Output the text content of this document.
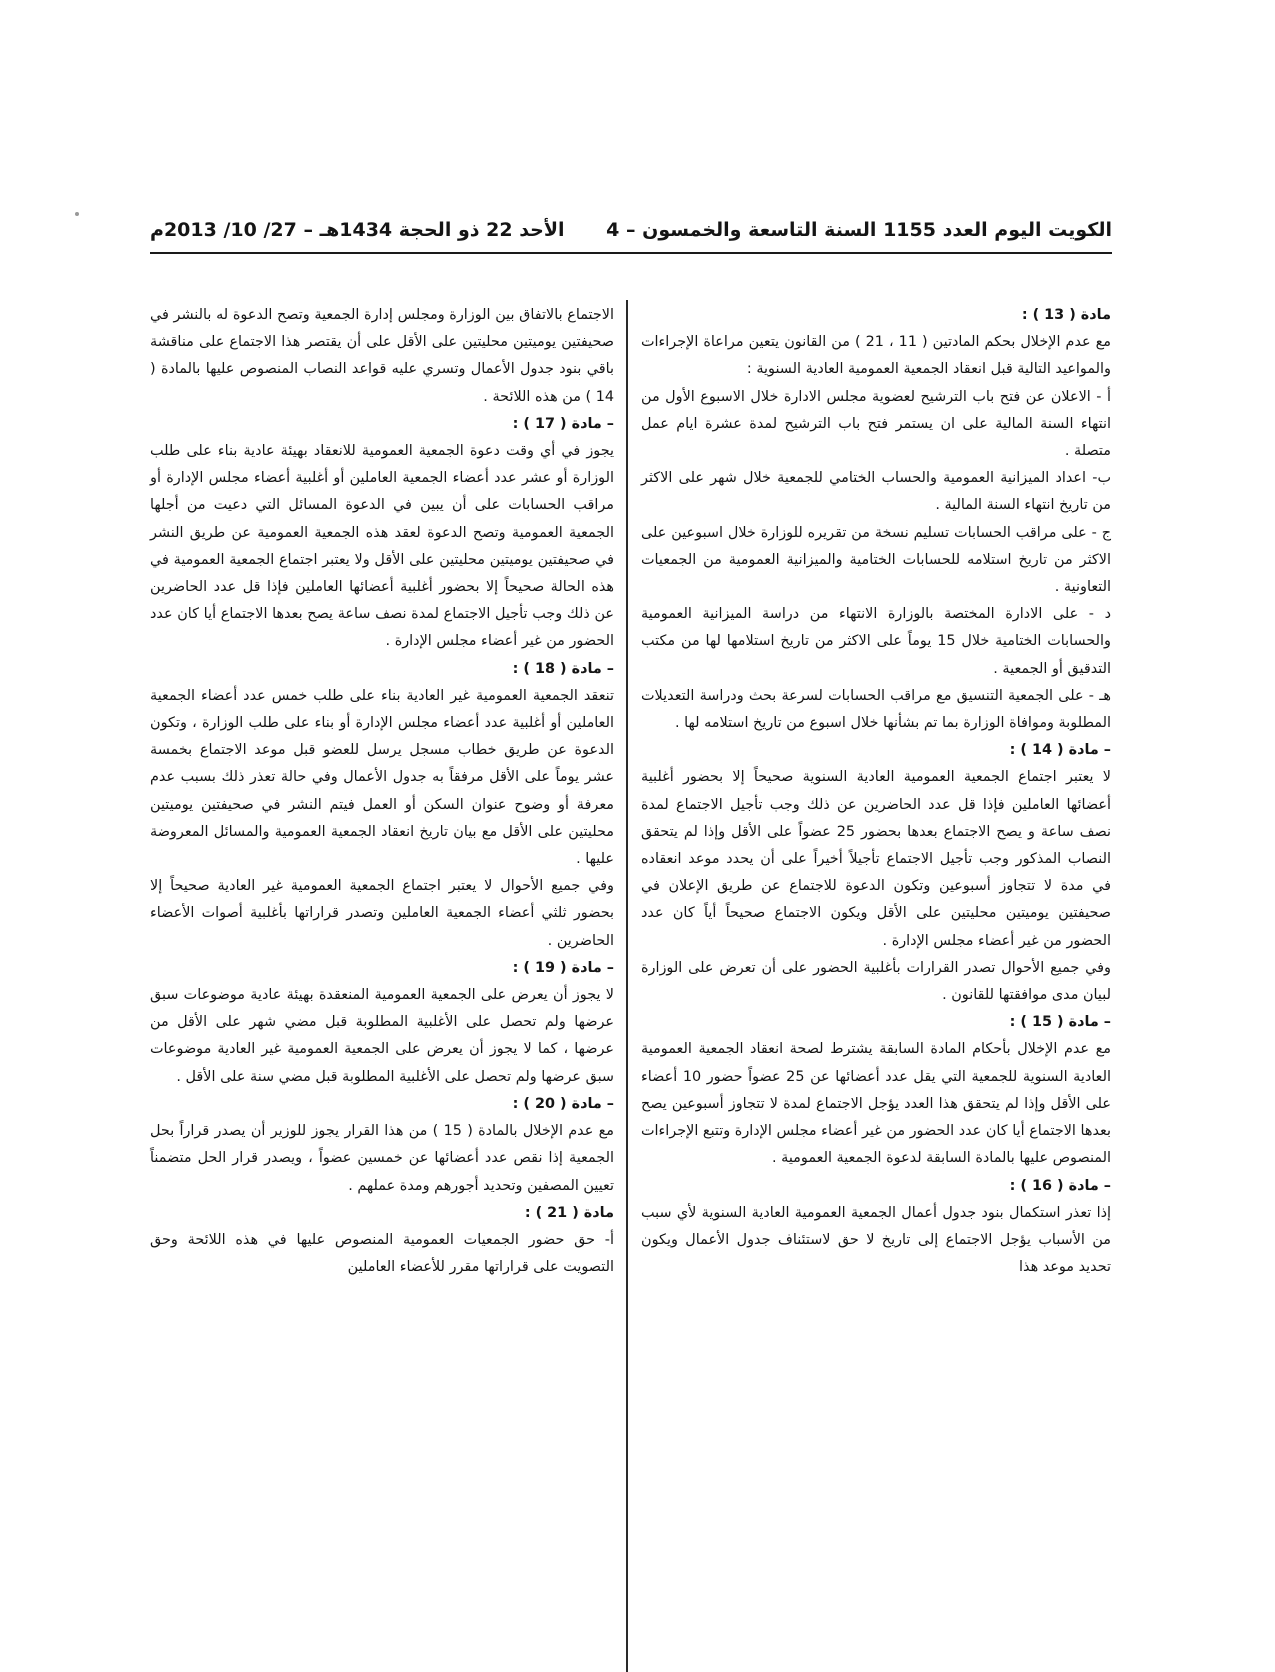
الكويت اليوم العدد 1155 السنة التاسعة والخمسون – 4
الأحد 22 ذو الحجة 1434هـ – 27/ 10/ 2013م

مادة ( 13 ) :

مع عدم الإخلال بحكم المادتين ( 11 ، 21 ) من القانون يتعين مراعاة الإجراءات والمواعيد التالية قبل انعقاد الجمعية العمومية العادية السنوية :

أ - الاعلان عن فتح باب الترشيح لعضوية مجلس الادارة خلال الاسبوع الأول من انتهاء السنة المالية على ان يستمر فتح باب الترشيح لمدة عشرة ايام عمل متصلة .

ب- اعداد الميزانية العمومية والحساب الختامي للجمعية خلال شهر على الاكثر من تاريخ انتهاء السنة المالية .

ج - على مراقب الحسابات تسليم نسخة من تقريره للوزارة خلال اسبوعين على الاكثر من تاريخ استلامه للحسابات الختامية والميزانية العمومية من الجمعيات التعاونية .

د - على الادارة المختصة بالوزارة الانتهاء من دراسة الميزانية العمومية والحسابات الختامية خلال 15 يوماً على الاكثر من تاريخ استلامها لها من مكتب التدقيق أو الجمعية .

هـ - على الجمعية التنسيق مع مراقب الحسابات لسرعة بحث ودراسة التعديلات المطلوبة وموافاة الوزارة بما تم بشأنها خلال اسبوع من تاريخ استلامه لها .

– مادة ( 14 ) :

لا يعتبر اجتماع الجمعية العمومية العادية السنوية صحيحاً إلا بحضور أغلبية أعضائها العاملين فإذا قل عدد الحاضرين عن ذلك وجب تأجيل الاجتماع لمدة نصف ساعة و يصح الاجتماع بعدها بحضور 25 عضواً على الأقل وإذا لم يتحقق النصاب المذكور وجب تأجيل الاجتماع تأجيلاً أخيراً على أن يحدد موعد انعقاده في مدة لا تتجاوز أسبوعين وتكون الدعوة للاجتماع عن طريق الإعلان في صحيفتين يوميتين محليتين على الأقل ويكون الاجتماع صحيحاً أياً كان عدد الحضور من غير أعضاء مجلس الإدارة .

وفي جميع الأحوال تصدر القرارات بأغلبية الحضور على أن تعرض على الوزارة لبيان مدى موافقتها للقانون .

– مادة ( 15 ) :

مع عدم الإخلال بأحكام المادة السابقة يشترط لصحة انعقاد الجمعية العمومية العادية السنوية للجمعية التي يقل عدد أعضائها عن 25 عضواً حضور 10 أعضاء على الأقل وإذا لم يتحقق هذا العدد يؤجل الاجتماع لمدة لا تتجاوز أسبوعين يصح بعدها الاجتماع أيا كان عدد الحضور من غير أعضاء مجلس الإدارة وتتبع الإجراءات المنصوص عليها بالمادة السابقة لدعوة الجمعية العمومية .

– مادة ( 16 ) :

إذا تعذر استكمال بنود جدول أعمال الجمعية العمومية العادية السنوية لأي سبب من الأسباب يؤجل الاجتماع إلى تاريخ لا حق لاستئناف جدول الأعمال ويكون تحديد موعد هذا

الاجتماع بالاتفاق بين الوزارة ومجلس إدارة الجمعية وتصح الدعوة له بالنشر في صحيفتين يوميتين محليتين على الأقل على أن يقتصر هذا الاجتماع على مناقشة باقي بنود جدول الأعمال وتسري عليه قواعد النصاب المنصوص عليها بالمادة ( 14 ) من هذه اللائحة .

– مادة ( 17 ) :

يجوز في أي وقت دعوة الجمعية العمومية للانعقاد بهيئة عادية بناء على طلب الوزارة أو عشر عدد أعضاء الجمعية العاملين أو أغلبية أعضاء مجلس الإدارة أو مراقب الحسابات على أن يبين في الدعوة المسائل التي دعيت من أجلها الجمعية العمومية وتصح الدعوة لعقد هذه الجمعية العمومية عن طريق النشر في صحيفتين يوميتين محليتين على الأقل ولا يعتبر اجتماع الجمعية العمومية في هذه الحالة صحيحاً إلا بحضور أغلبية أعضائها العاملين فإذا قل عدد الحاضرين عن ذلك وجب تأجيل الاجتماع لمدة نصف ساعة يصح بعدها الاجتماع أيا كان عدد الحضور من غير أعضاء مجلس الإدارة .

– مادة ( 18 ) :

تنعقد الجمعية العمومية غير العادية بناء على طلب خمس عدد أعضاء الجمعية العاملين أو أغلبية عدد أعضاء مجلس الإدارة أو بناء على طلب الوزارة ، وتكون الدعوة عن طريق خطاب مسجل يرسل للعضو قبل موعد الاجتماع بخمسة عشر يوماً على الأقل مرفقاً به جدول الأعمال وفي حالة تعذر ذلك بسبب عدم معرفة أو وضوح عنوان السكن أو العمل فيتم النشر في صحيفتين يوميتين محليتين على الأقل مع بيان تاريخ انعقاد الجمعية العمومية والمسائل المعروضة عليها .

وفي جميع الأحوال لا يعتبر اجتماع الجمعية العمومية غير العادية صحيحاً إلا بحضور ثلثي أعضاء الجمعية العاملين وتصدر قراراتها بأغلبية أصوات الأعضاء الحاضرين .

– مادة ( 19 ) :

لا يجوز أن يعرض على الجمعية العمومية المنعقدة بهيئة عادية موضوعات سبق عرضها ولم تحصل على الأغلبية المطلوبة قبل مضي شهر على الأقل من عرضها ، كما لا يجوز أن يعرض على الجمعية العمومية غير العادية موضوعات سبق عرضها ولم تحصل على الأغلبية المطلوبة قبل مضي سنة على الأقل .

– مادة ( 20 ) :

مع عدم الإخلال بالمادة ( 15 ) من هذا القرار يجوز للوزير أن يصدر قراراً بحل الجمعية إذا نقص عدد أعضائها عن خمسين عضواً ، ويصدر قرار الحل متضمناً تعيين المصفين وتحديد أجورهم ومدة عملهم .

مادة ( 21 ) :

أ- حق حضور الجمعيات العمومية المنصوص عليها في هذه اللائحة وحق التصويت على قراراتها مقرر للأعضاء العاملين
